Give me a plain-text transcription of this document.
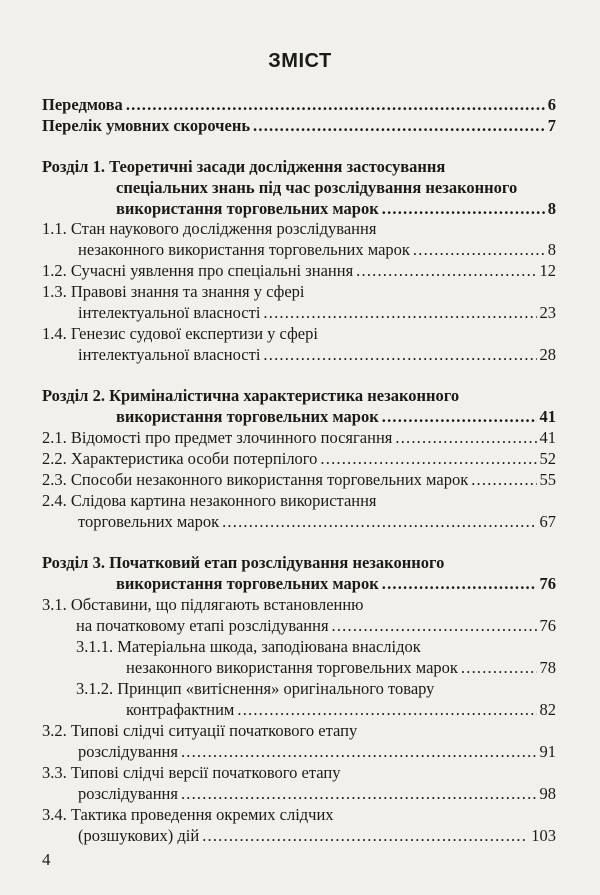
ЗМІСТ
Передмова .....	6
Перелік умовних скорочень .....	7
Розділ 1. Теоретичні засади дослідження застосування
спеціальних знань під час розслідування незаконного
використання торговельних марок .....	8
1.1. Стан наукового дослідження розслідування
незаконного використання торговельних марок .....	8
1.2. Сучасні уявлення про спеціальні знання .....	12
1.3. Правові знання та знання у сфері
інтелектуальної власності .....	23
1.4. Генезис судової експертизи у сфері
інтелектуальної власності .....	28
Розділ 2. Криміналістична характеристика незаконного
використання торговельних марок .....	41
2.1. Відомості про предмет злочинного посягання .....	41
2.2. Характеристика особи потерпілого .....	52
2.3. Способи незаконного використання торговельних марок .....	55
2.4. Слідова картина незаконного використання
торговельних марок .....	67
Розділ 3. Початковий етап розслідування незаконного
використання торговельних марок .....	76
3.1. Обставини, що підлягають встановленню
на початковому етапі розслідування .....	76
3.1.1. Матеріальна шкода, заподіювана внаслідок
незаконного використання торговельних марок .....	78
3.1.2. Принцип «витіснення» оригінального товару
контрафактним .....	82
3.2. Типові слідчі ситуації початкового етапу
розслідування .....	91
3.3. Типові слідчі версії початкового етапу
розслідування .....	98
3.4. Тактика проведення окремих слідчих
(розшукових) дій .....	103
4
